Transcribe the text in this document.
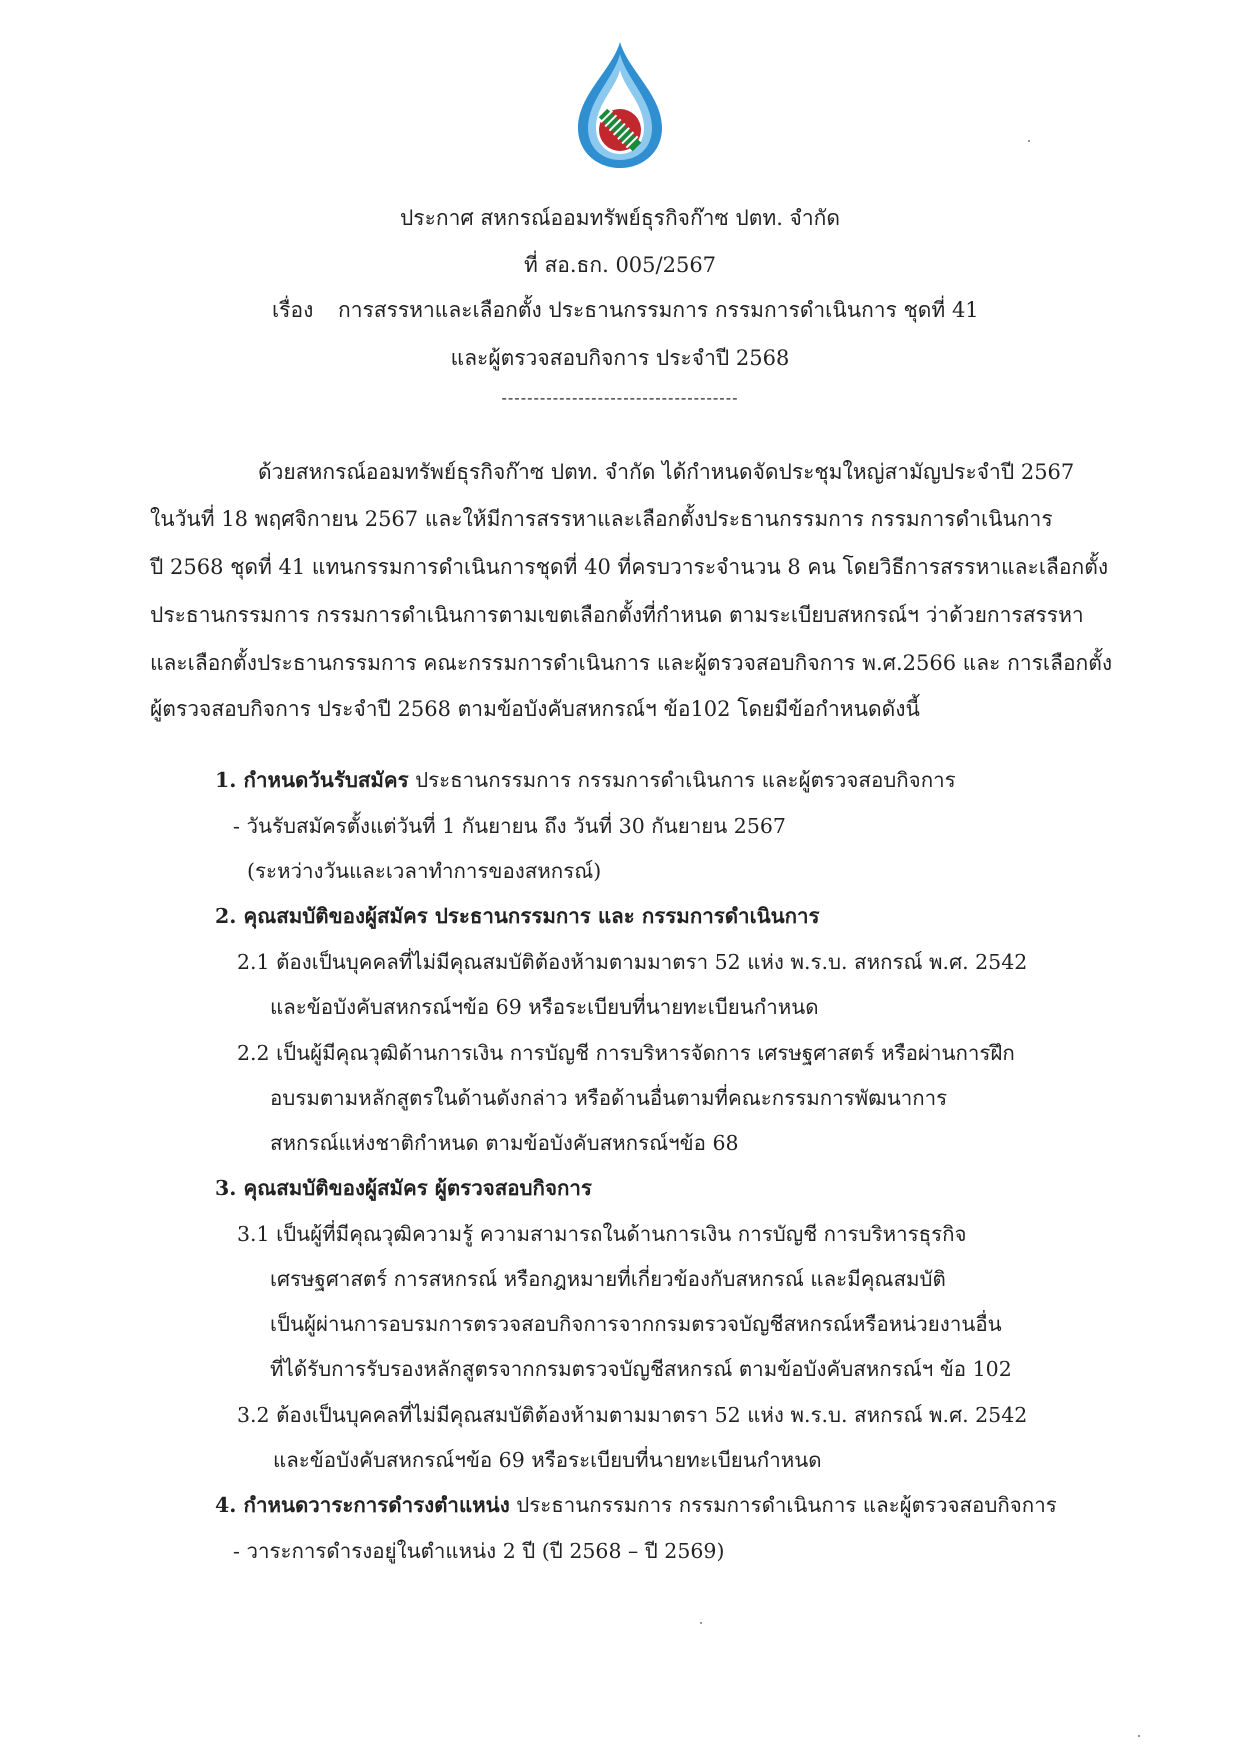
ประกาศ สหกรณ์ออมทรัพย์ธุรกิจก๊าซ ปตท. จำกัด
ที่ สอ.ธก. 005/2567
เรื่อง การสรรหาและเลือกตั้ง ประธานกรรมการ กรรมการดำเนินการ ชุดที่ 41
และผู้ตรวจสอบกิจการ ประจำปี 2568
-------------------------------------
ด้วยสหกรณ์ออมทรัพย์ธุรกิจก๊าซ ปตท. จำกัด ได้กำหนดจัดประชุมใหญ่สามัญประจำปี 2567
ในวันที่ 18 พฤศจิกายน 2567 และให้มีการสรรหาและเลือกตั้งประธานกรรมการ กรรมการดำเนินการ
ปี 2568 ชุดที่ 41 แทนกรรมการดำเนินการชุดที่ 40 ที่ครบวาระจำนวน 8 คน โดยวิธีการสรรหาและเลือกตั้ง
ประธานกรรมการ กรรมการดำเนินการตามเขตเลือกตั้งที่กำหนด ตามระเบียบสหกรณ์ฯ ว่าด้วยการสรรหา
และเลือกตั้งประธานกรรมการ คณะกรรมการดำเนินการ และผู้ตรวจสอบกิจการ พ.ศ.2566 และ การเลือกตั้ง
ผู้ตรวจสอบกิจการ ประจำปี 2568 ตามข้อบังคับสหกรณ์ฯ ข้อ102 โดยมีข้อกำหนดดังนี้
1. กำหนดวันรับสมัคร ประธานกรรมการ กรรมการดำเนินการ และผู้ตรวจสอบกิจการ
- วันรับสมัครตั้งแต่วันที่ 1 กันยายน ถึง วันที่ 30 กันยายน 2567
(ระหว่างวันและเวลาทำการของสหกรณ์)
2. คุณสมบัติของผู้สมัคร ประธานกรรมการ และ กรรมการดำเนินการ
2.1 ต้องเป็นบุคคลที่ไม่มีคุณสมบัติต้องห้ามตามมาตรา 52 แห่ง พ.ร.บ. สหกรณ์ พ.ศ. 2542
และข้อบังคับสหกรณ์ฯข้อ 69 หรือระเบียบที่นายทะเบียนกำหนด
2.2 เป็นผู้มีคุณวุฒิด้านการเงิน การบัญชี การบริหารจัดการ เศรษฐศาสตร์ หรือผ่านการฝึก
อบรมตามหลักสูตรในด้านดังกล่าว หรือด้านอื่นตามที่คณะกรรมการพัฒนาการ
สหกรณ์แห่งชาติกำหนด ตามข้อบังคับสหกรณ์ฯข้อ 68
3. คุณสมบัติของผู้สมัคร ผู้ตรวจสอบกิจการ
3.1 เป็นผู้ที่มีคุณวุฒิความรู้ ความสามารถในด้านการเงิน การบัญชี การบริหารธุรกิจ
เศรษฐศาสตร์ การสหกรณ์ หรือกฎหมายที่เกี่ยวข้องกับสหกรณ์ และมีคุณสมบัติ
เป็นผู้ผ่านการอบรมการตรวจสอบกิจการจากกรมตรวจบัญชีสหกรณ์หรือหน่วยงานอื่น
ที่ได้รับการรับรองหลักสูตรจากกรมตรวจบัญชีสหกรณ์ ตามข้อบังคับสหกรณ์ฯ ข้อ 102
3.2 ต้องเป็นบุคคลที่ไม่มีคุณสมบัติต้องห้ามตามมาตรา 52 แห่ง พ.ร.บ. สหกรณ์ พ.ศ. 2542
และข้อบังคับสหกรณ์ฯข้อ 69 หรือระเบียบที่นายทะเบียนกำหนด
4. กำหนดวาระการดำรงตำแหน่ง ประธานกรรมการ กรรมการดำเนินการ และผู้ตรวจสอบกิจการ
- วาระการดำรงอยู่ในตำแหน่ง 2 ปี (ปี 2568 – ปี 2569)
